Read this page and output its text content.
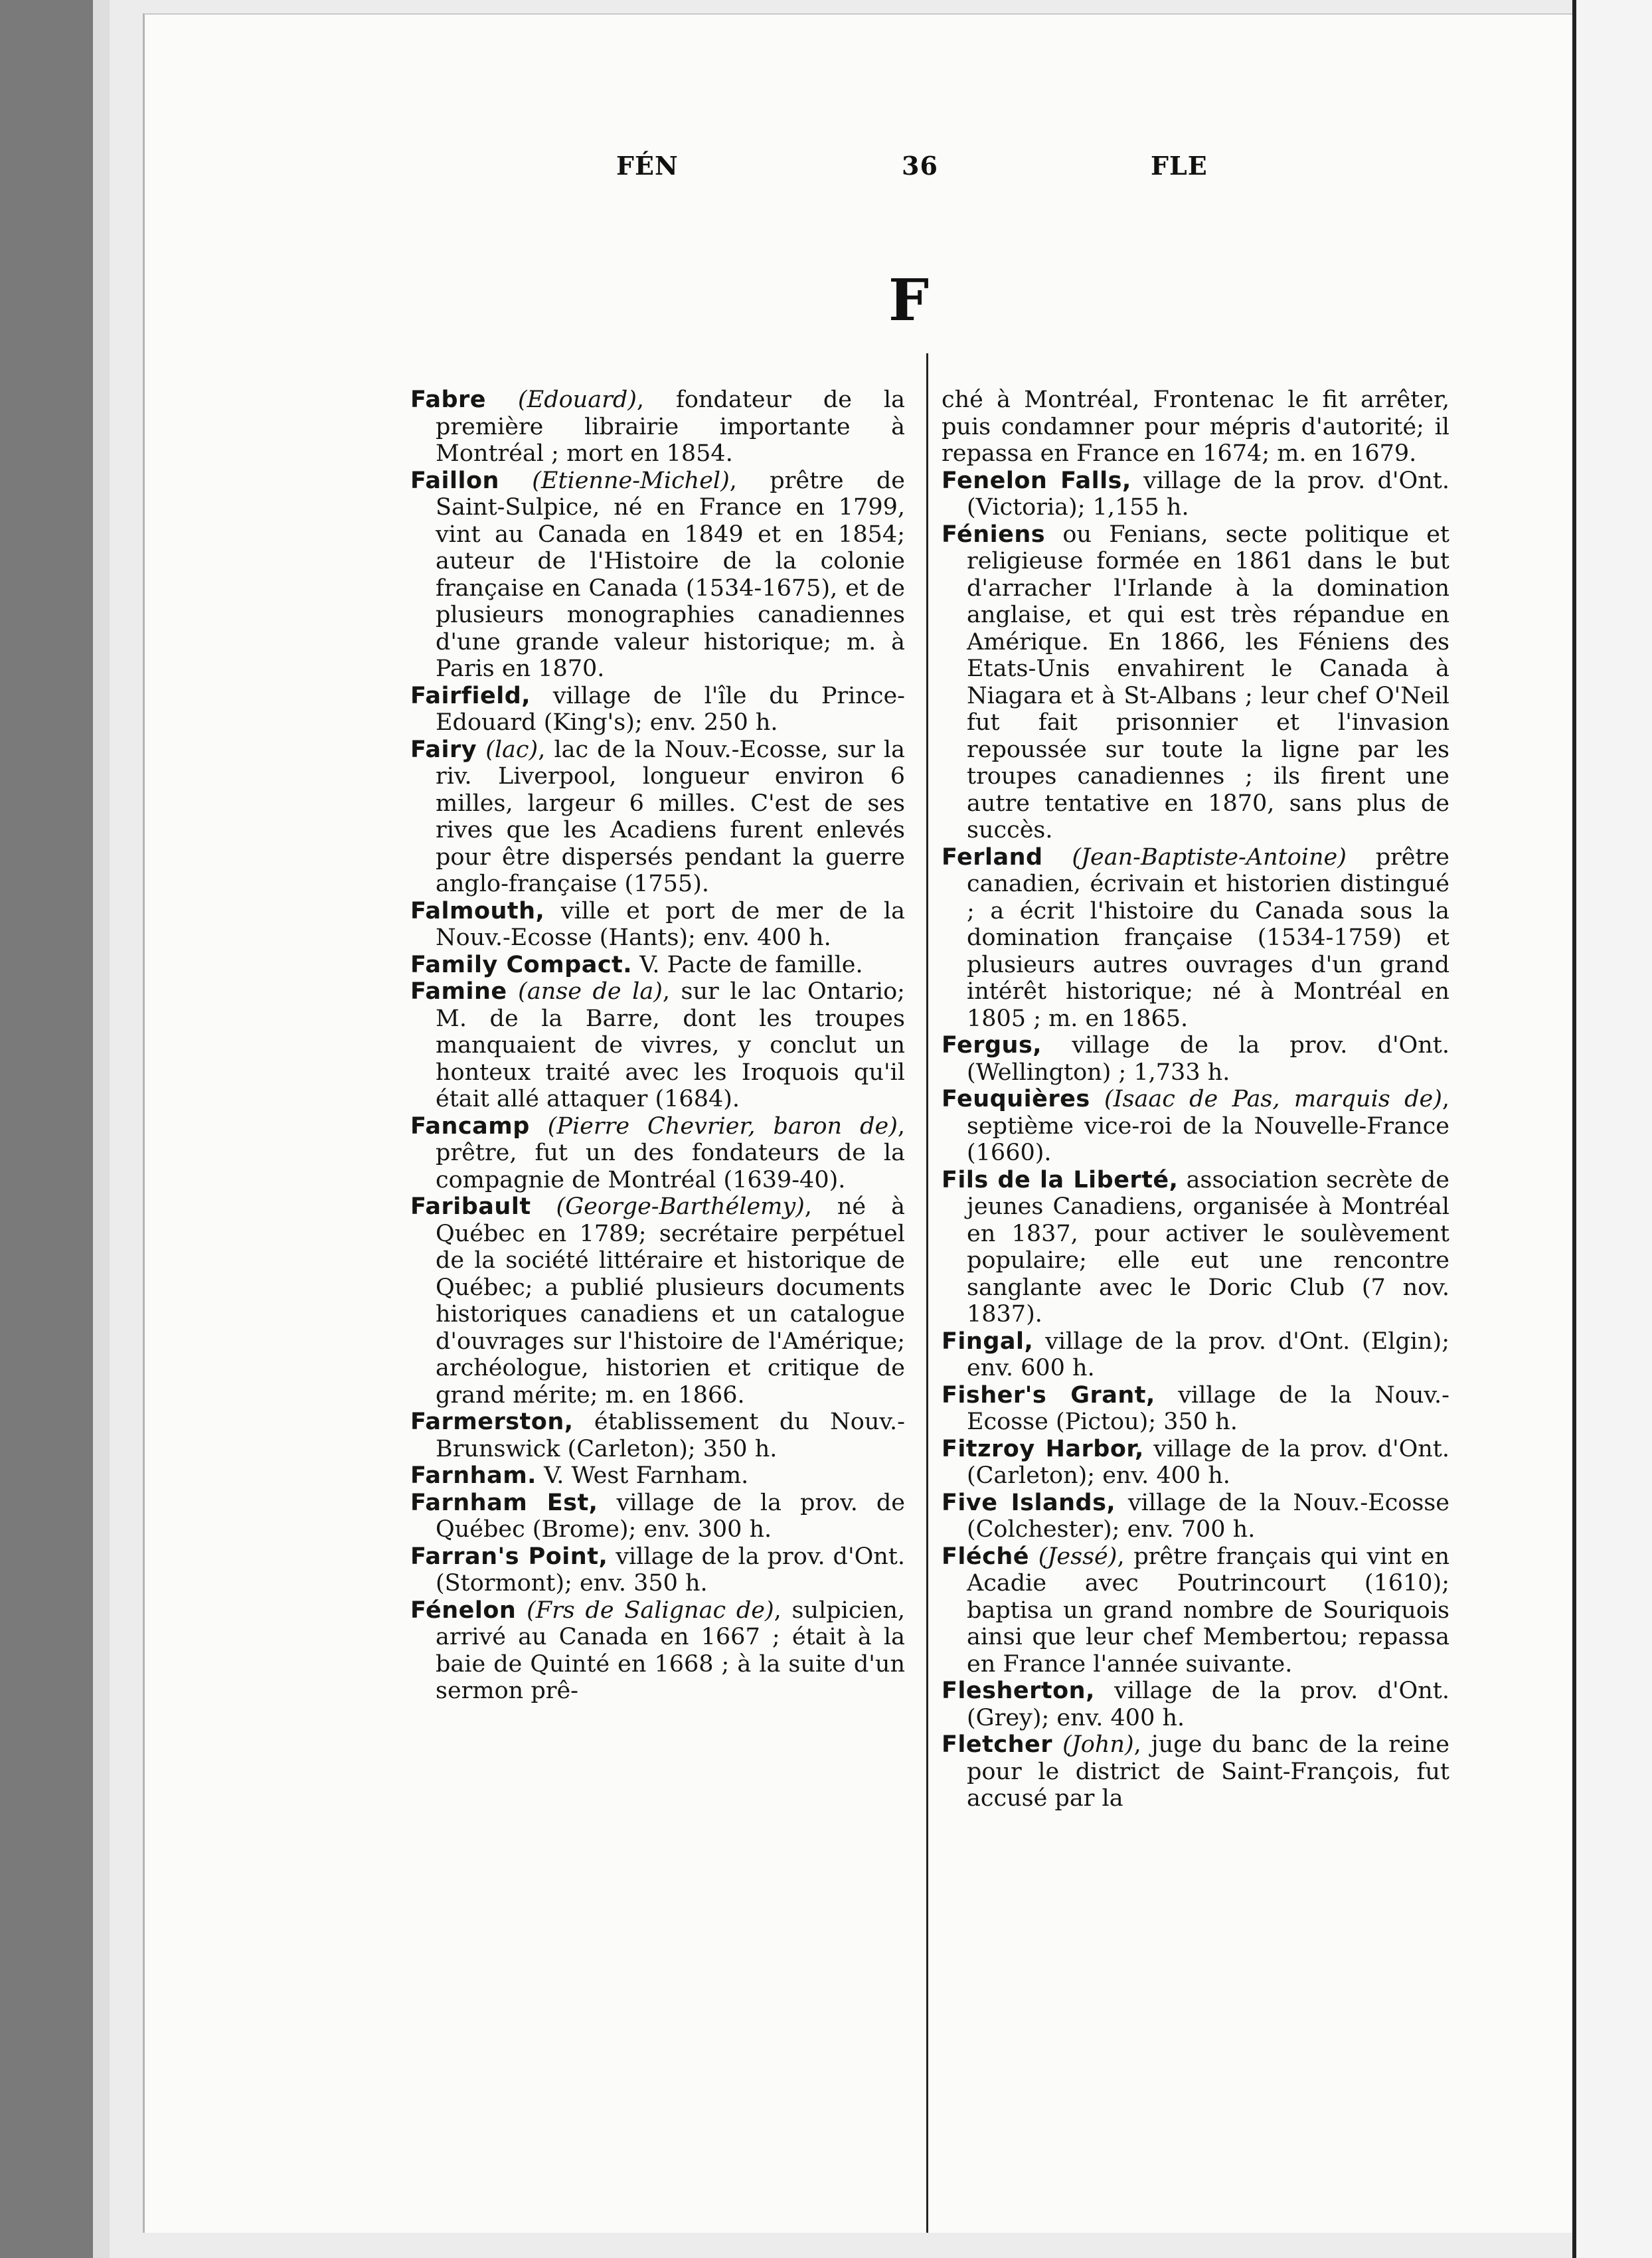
FÉN	36	FLE
F
Fabre (Edouard), fondateur de la première librairie importante à Montréal ; mort en 1854.
Faillon (Etienne-Michel), prêtre de Saint-Sulpice, né en France en 1799, vint au Canada en 1849 et en 1854; auteur de l'Histoire de la colonie française en Canada (1534-1675), et de plusieurs monographies canadiennes d'une grande valeur historique; m. à Paris en 1870.
Fairfield, village de l'île du Prince-Edouard (King's); env. 250 h.
Fairy (lac), lac de la Nouv.-Ecosse, sur la riv. Liverpool, longueur environ 6 milles, largeur 6 milles. C'est de ses rives que les Acadiens furent enlevés pour être dispersés pendant la guerre anglo-française (1755).
Falmouth, ville et port de mer de la Nouv.-Ecosse (Hants); env. 400 h.
Family Compact. V. Pacte de famille.
Famine (anse de la), sur le lac Ontario; M. de la Barre, dont les troupes manquaient de vivres, y conclut un honteux traité avec les Iroquois qu'il était allé attaquer (1684).
Fancamp (Pierre Chevrier, baron de), prêtre, fut un des fondateurs de la compagnie de Montréal (1639-40).
Faribault (George-Barthélemy), né à Québec en 1789; secrétaire perpétuel de la société littéraire et historique de Québec; a publié plusieurs documents historiques canadiens et un catalogue d'ouvrages sur l'histoire de l'Amérique; archéologue, historien et critique de grand mérite; m. en 1866.
Farmerston, établissement du Nouv.-Brunswick (Carleton); 350 h.
Farnham. V. West Farnham.
Farnham Est, village de la prov. de Québec (Brome); env. 300 h.
Farran's Point, village de la prov. d'Ont. (Stormont); env. 350 h.
Fénelon (Frs de Salignac de), sulpicien, arrivé au Canada en 1667 ; était à la baie de Quinté en 1668 ; à la suite d'un sermon prê-
ché à Montréal, Frontenac le fit arrêter, puis condamner pour mépris d'autorité; il repassa en France en 1674; m. en 1679.
Fenelon Falls, village de la prov. d'Ont. (Victoria); 1,155 h.
Féniens ou Fenians, secte politique et religieuse formée en 1861 dans le but d'arracher l'Irlande à la domination anglaise, et qui est très répandue en Amérique. En 1866, les Féniens des Etats-Unis envahirent le Canada à Niagara et à St-Albans ; leur chef O'Neil fut fait prisonnier et l'invasion repoussée sur toute la ligne par les troupes canadiennes ; ils firent une autre tentative en 1870, sans plus de succès.
Ferland (Jean-Baptiste-Antoine) prêtre canadien, écrivain et historien distingué ; a écrit l'histoire du Canada sous la domination française (1534-1759) et plusieurs autres ouvrages d'un grand intérêt historique; né à Montréal en 1805 ; m. en 1865.
Fergus, village de la prov. d'Ont. (Wellington) ; 1,733 h.
Feuquières (Isaac de Pas, marquis de), septième vice-roi de la Nouvelle-France (1660).
Fils de la Liberté, association secrète de jeunes Canadiens, organisée à Montréal en 1837, pour activer le soulèvement populaire; elle eut une rencontre sanglante avec le Doric Club (7 nov. 1837).
Fingal, village de la prov. d'Ont. (Elgin); env. 600 h.
Fisher's Grant, village de la Nouv.-Ecosse (Pictou); 350 h.
Fitzroy Harbor, village de la prov. d'Ont. (Carleton); env. 400 h.
Five Islands, village de la Nouv.-Ecosse (Colchester); env. 700 h.
Fléché (Jessé), prêtre français qui vint en Acadie avec Poutrincourt (1610); baptisa un grand nombre de Souriquois ainsi que leur chef Membertou; repassa en France l'année suivante.
Flesherton, village de la prov. d'Ont. (Grey); env. 400 h.
Fletcher (John), juge du banc de la reine pour le district de Saint-François, fut accusé par la
